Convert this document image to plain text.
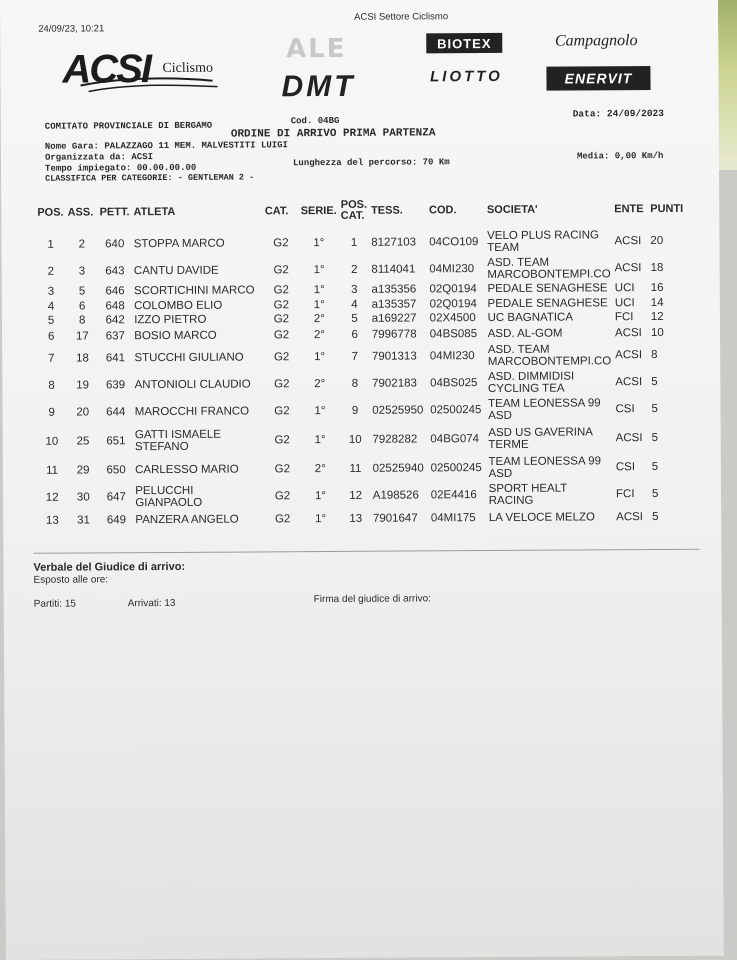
24/09/23, 10:21
ACSI Settore Ciclismo
ACSI Ciclismo
ALE	BIOTEX	Campagnolo
DMT	LIOTTO	ENERVIT
COMITATO PROVINCIALE DI BERGAMO	Cod. 04BG
Data: 24/09/2023
ORDINE DI ARRIVO PRIMA PARTENZA
Nome Gara: PALAZZAGO 11 MEM. MALVESTITI LUIGI
Organizzata da: ACSI
Tempo impiegato: 00.00.00.00
Lunghezza del percorso: 70 Km
Media: 0,00 Km/h
CLASSIFICA PER CATEGORIE: - GENTLEMAN 2 -
POS.	ASS.	PETT.	ATLETA	CAT.	SERIE.	POS. CAT.	TESS.	COD.	SOCIETA'	ENTE	PUNTI
1	2	640	STOPPA MARCO	G2	1°	1	8127103	04CO109	VELO PLUS RACING TEAM	ACSI	20
2	3	643	CANTU DAVIDE	G2	1°	2	8114041	04MI230	ASD. TEAM MARCOBONTEMPI.CO	ACSI	18
3	5	646	SCORTICHINI MARCO	G2	1°	3	a135356	02Q0194	PEDALE SENAGHESE	UCI	16
4	6	648	COLOMBO ELIO	G2	1°	4	a135357	02Q0194	PEDALE SENAGHESE	UCI	14
5	8	642	IZZO PIETRO	G2	2°	5	a169227	02X4500	UC BAGNATICA	FCI	12
6	17	637	BOSIO MARCO	G2	2°	6	7996778	04BS085	ASD. AL-GOM	ACSI	10
7	18	641	STUCCHI GIULIANO	G2	1°	7	7901313	04MI230	ASD. TEAM MARCOBONTEMPI.CO	ACSI	8
8	19	639	ANTONIOLI CLAUDIO	G2	2°	8	7902183	04BS025	ASD. DIMMIDISI CYCLING TEA	ACSI	5
9	20	644	MAROCCHI FRANCO	G2	1°	9	02525950	02500245	TEAM LEONESSA 99 ASD	CSI	5
10	25	651	GATTI ISMAELE STEFANO	G2	1°	10	7928282	04BG074	ASD US GAVERINA TERME	ACSI	5
11	29	650	CARLESSO MARIO	G2	2°	11	02525940	02500245	TEAM LEONESSA 99 ASD	CSI	5
12	30	647	PELUCCHI GIANPAOLO	G2	1°	12	A198526	02E4416	SPORT HEALT RACING	FCI	5
13	31	649	PANZERA ANGELO	G2	1°	13	7901647	04MI175	LA VELOCE MELZO	ACSI	5
Verbale del Giudice di arrivo:
Esposto alle ore:
Partiti: 15	Arrivati: 13	Firma del giudice di arrivo:
